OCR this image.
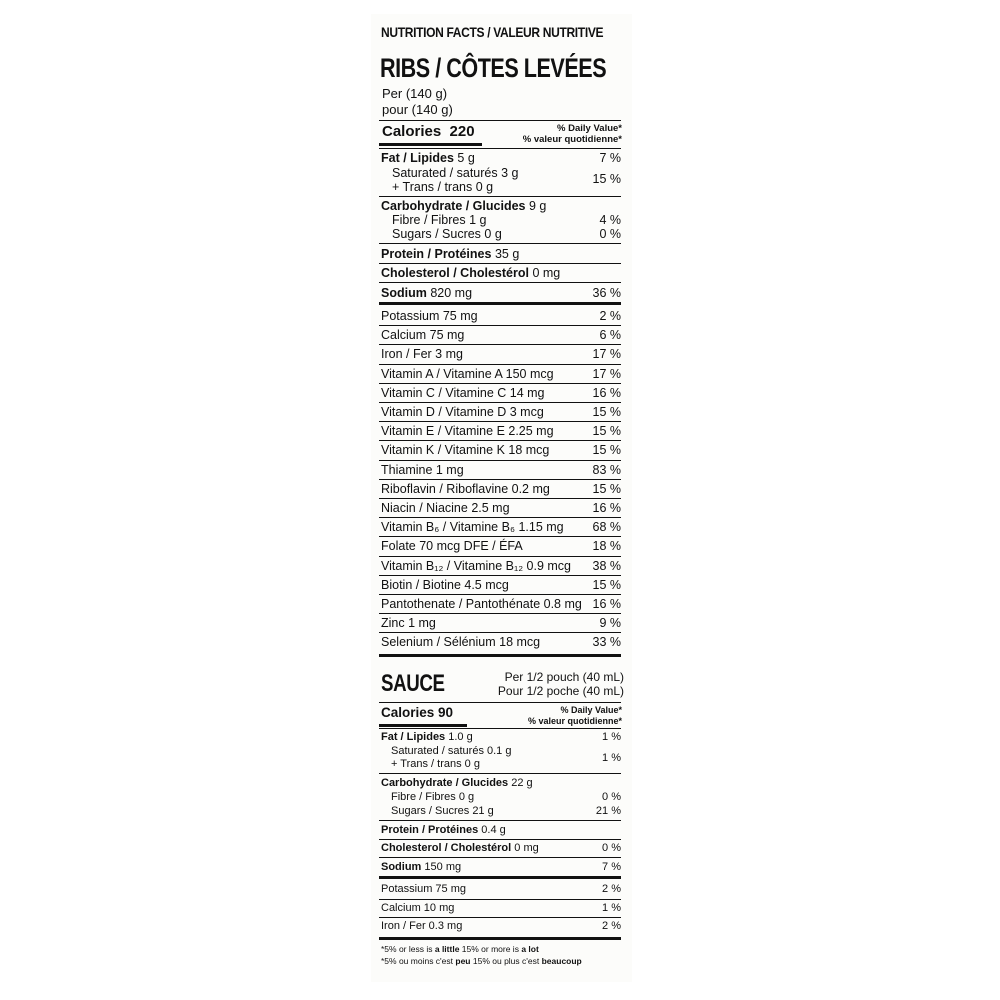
NUTRITION FACTS / VALEUR NUTRITIVE
RIBS / CÔTES LEVÉES
Per (140 g)
pour (140 g)
Calories 220	% Daily Value*
% valeur quotidienne*
Fat / Lipides 5 g	7 %
Saturated / saturés 3 g
+ Trans / trans 0 g
15 %
Carbohydrate / Glucides 9 g
Fibre / Fibres 1 g	4 %
Sugars / Sucres 0 g	0 %
Protein / Protéines 35 g
Cholesterol / Cholestérol 0 mg
Sodium 820 mg	36 %
Potassium 75 mg	2 %
Calcium 75 mg	6 %
Iron / Fer 3 mg	17 %
Vitamin A / Vitamine A 150 mcg	17 %
Vitamin C / Vitamine C 14 mg	16 %
Vitamin D / Vitamine D 3 mcg	15 %
Vitamin E / Vitamine E 2.25 mg	15 %
Vitamin K / Vitamine K 18 mcg	15 %
Thiamine 1 mg	83 %
Riboflavin / Riboflavine 0.2 mg	15 %
Niacin / Niacine 2.5 mg	16 %
Vitamin B₆ / Vitamine B₆ 1.15 mg 68 %
Folate 70 mcg DFE / ÉFA	18 %
Vitamin B₁₂ / Vitamine B₁₂ 0.9 mcg 38 %
Biotin / Biotine 4.5 mcg	15 %
Pantothenate / Pantothénate 0.8 mg 16 %
Zinc 1 mg	9 %
Selenium / Sélénium 18 mcg	33 %
SAUCE	Per 1/2 pouch (40 mL)
Pour 1/2 poche (40 mL)
Calories 90	% Daily Value*
% valeur quotidienne*
Fat / Lipides 1.0 g	1 %
Saturated / saturés 0.1 g
+ Trans / trans 0 g	1 %
Carbohydrate / Glucides 22 g
Fibre / Fibres 0 g	0 %
Sugars / Sucres 21 g	21 %
Protein / Protéines 0.4 g
Cholesterol / Cholestérol 0 mg	0 %
Sodium 150 mg	7 %
Potassium 75 mg	2 %
Calcium 10 mg	1 %
Iron / Fer 0.3 mg	2 %
*5% or less is a little 15% or more is a lot
*5% ou moins c'est peu 15% ou plus c'est beaucoup
